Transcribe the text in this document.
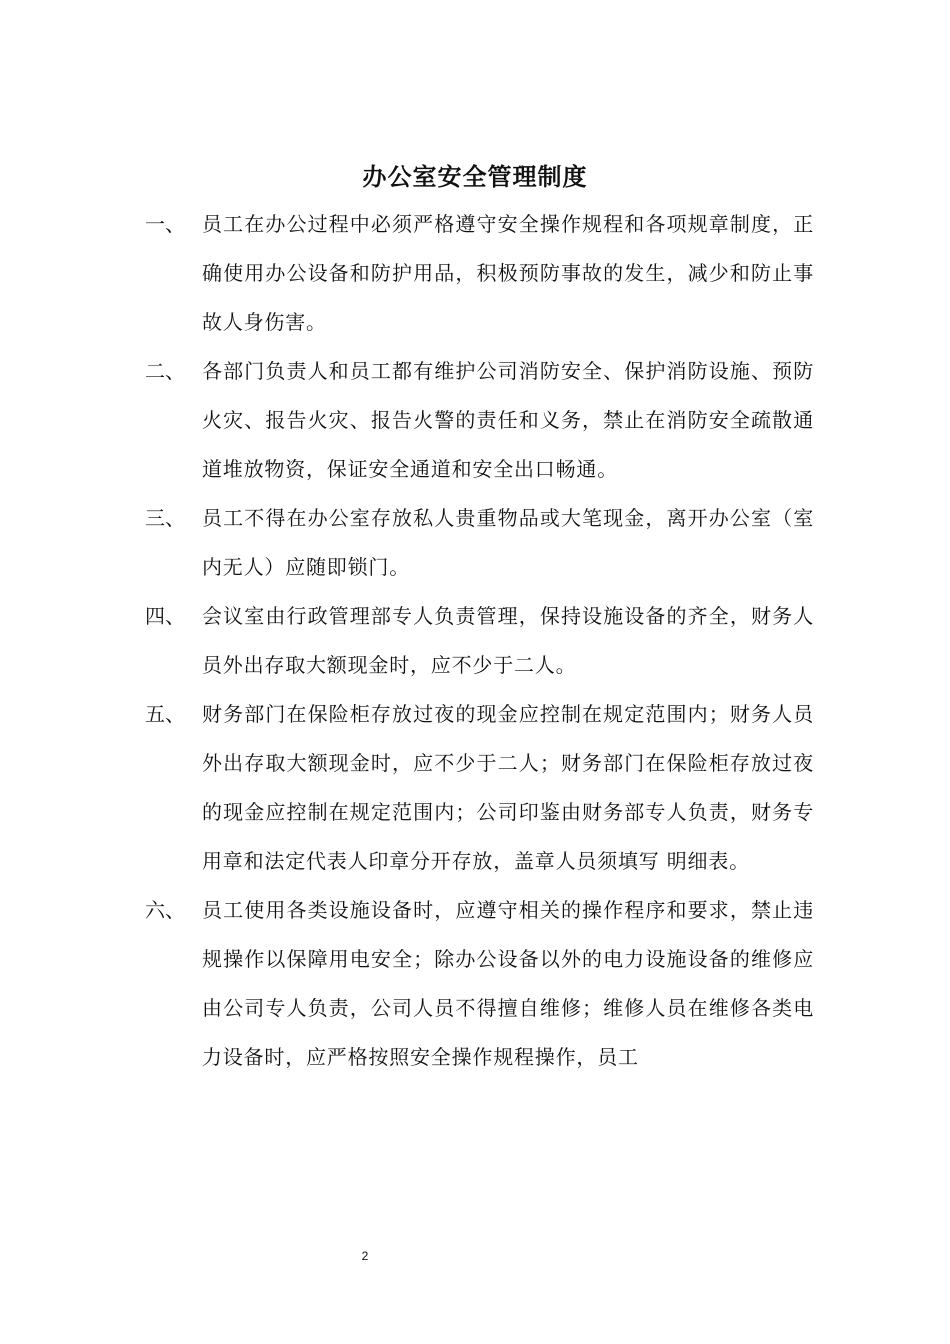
办公室安全管理制度
一、 员工在办公过程中必须严格遵守安全操作规程和各项规章制度，正确使用办公设备和防护用品，积极预防事故的发生，减少和防止事故人身伤害。
二、 各部门负责人和员工都有维护公司消防安全、保护消防设施、预防火灾、报告火灾、报告火警的责任和义务，禁止在消防安全疏散通道堆放物资，保证安全通道和安全出口畅通。
三、 员工不得在办公室存放私人贵重物品或大笔现金，离开办公室（室内无人）应随即锁门。
四、 会议室由行政管理部专人负责管理，保持设施设备的齐全，财务人员外出存取大额现金时，应不少于二人。
五、 财务部门在保险柜存放过夜的现金应控制在规定范围内；财务人员外出存取大额现金时，应不少于二人；财务部门在保险柜存放过夜的现金应控制在规定范围内；公司印鉴由财务部专人负责，财务专用章和法定代表人印章分开存放，盖章人员须填写 明细表。
六、 员工使用各类设施设备时，应遵守相关的操作程序和要求，禁止违规操作以保障用电安全；除办公设备以外的电力设施设备的维修应由公司专人负责，公司人员不得擅自维修；维修人员在维修各类电力设备时，应严格按照安全操作规程操作，员工
2
